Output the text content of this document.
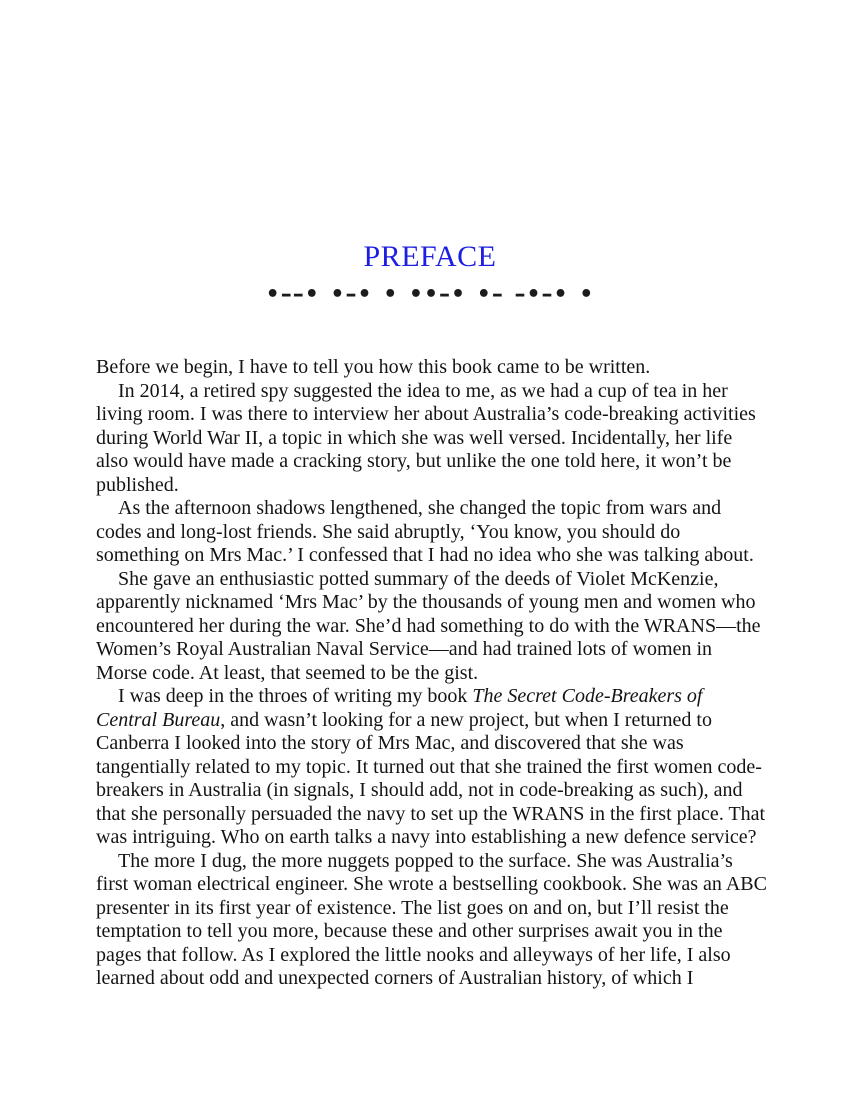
PREFACE
•––• •–• • ••–• •– –•–• •

Before we begin, I have to tell you how this book came to be written.

In 2014, a retired spy suggested the idea to me, as we had a cup of tea in her living room. I was there to interview her about Australia’s code-breaking activities during World War II, a topic in which she was well versed. Incidentally, her life also would have made a cracking story, but unlike the one told here, it won’t be published.

As the afternoon shadows lengthened, she changed the topic from wars and codes and long-lost friends. She said abruptly, ‘You know, you should do something on Mrs Mac.’ I confessed that I had no idea who she was talking about.

She gave an enthusiastic potted summary of the deeds of Violet McKenzie, apparently nicknamed ‘Mrs Mac’ by the thousands of young men and women who encountered her during the war. She’d had something to do with the WRANS—the Women’s Royal Australian Naval Service—and had trained lots of women in Morse code. At least, that seemed to be the gist.

I was deep in the throes of writing my book The Secret Code-Breakers of Central Bureau, and wasn’t looking for a new project, but when I returned to Canberra I looked into the story of Mrs Mac, and discovered that she was tangentially related to my topic. It turned out that she trained the first women code-breakers in Australia (in signals, I should add, not in code-breaking as such), and that she personally persuaded the navy to set up the WRANS in the first place. That was intriguing. Who on earth talks a navy into establishing a new defence service?

The more I dug, the more nuggets popped to the surface. She was Australia’s first woman electrical engineer. She wrote a bestselling cookbook. She was an ABC presenter in its first year of existence. The list goes on and on, but I’ll resist the temptation to tell you more, because these and other surprises await you in the pages that follow. As I explored the little nooks and alleyways of her life, I also learned about odd and unexpected corners of Australian history, of which I
